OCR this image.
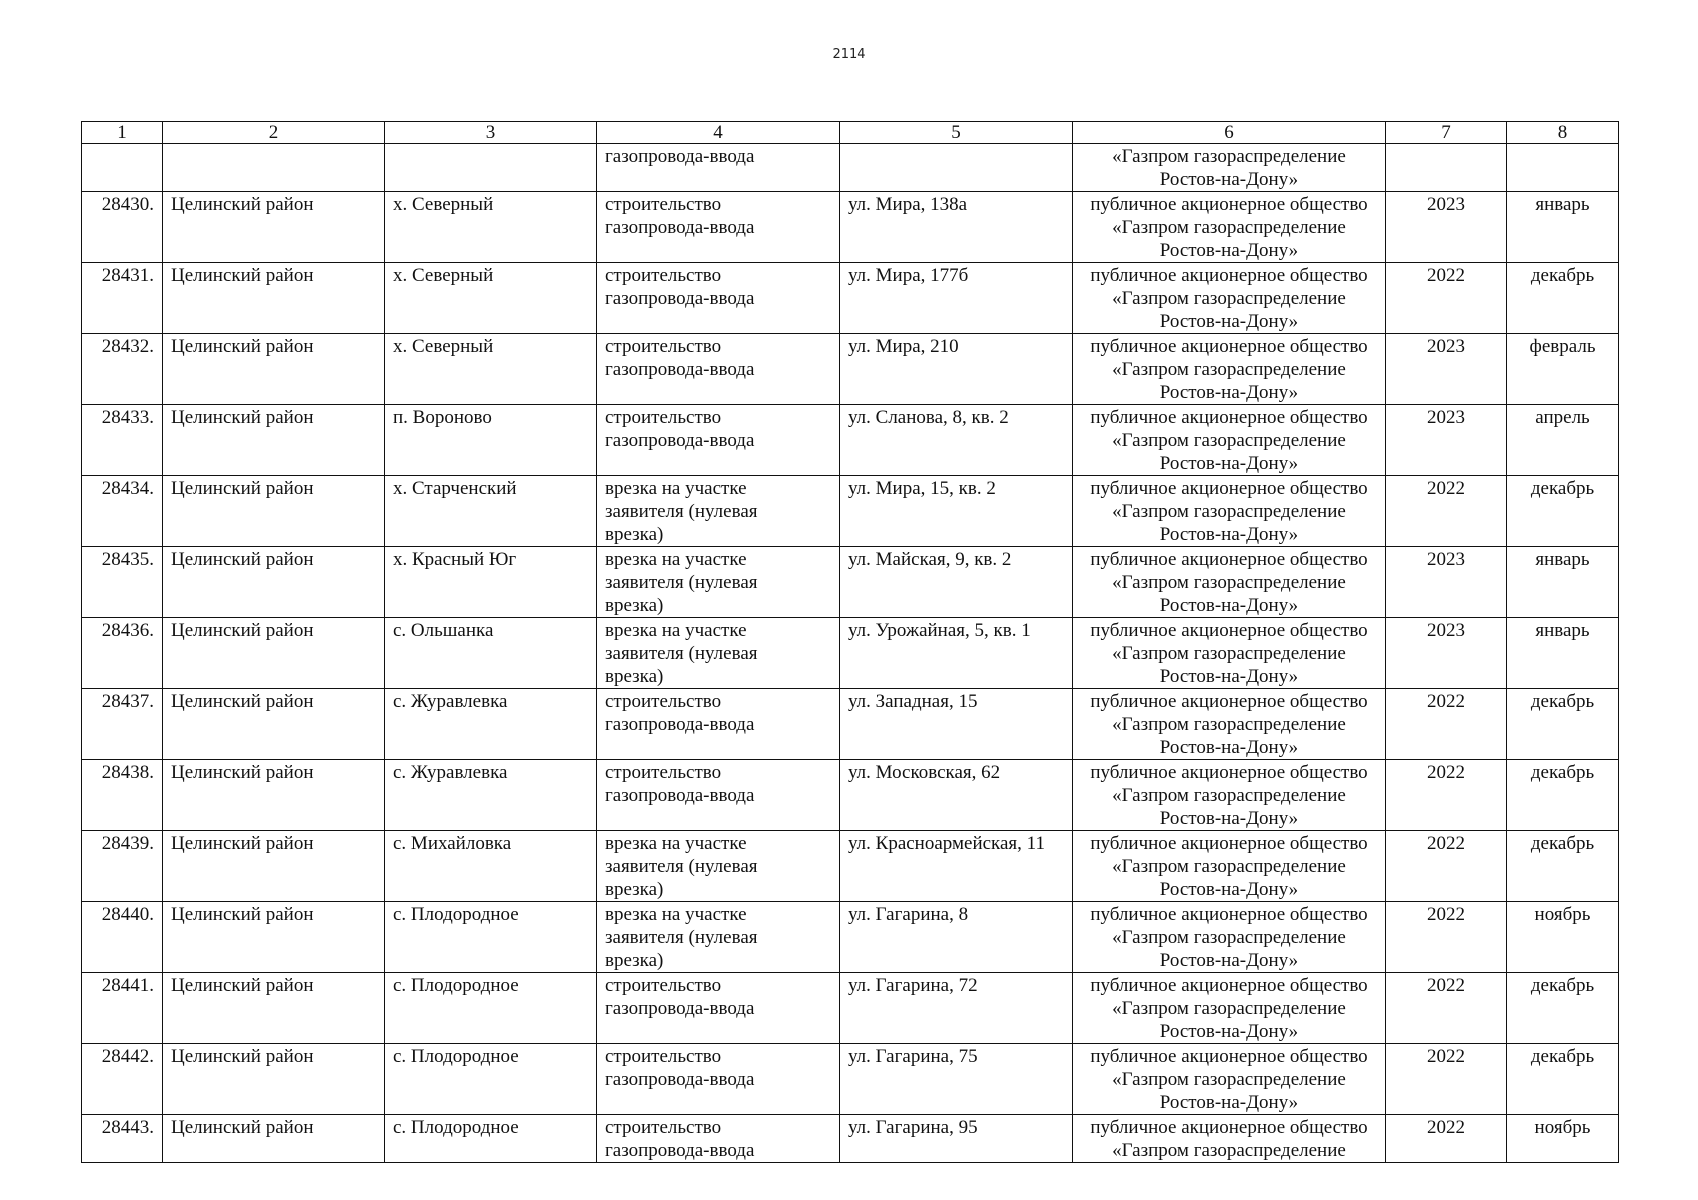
2114
1	2	3	4	5	6	7	8

			газопровода-ввода		«Газпром газораспределение
Ростов-на-Дону»		

28430.	Целинский район	х. Северный	строительство
газопровода-ввода	ул. Мира, 138а	публичное акционерное общество
«Газпром газораспределение
Ростов-на-Дону»	2023	январь
28431.	Целинский район	х. Северный	строительство
газопровода-ввода	ул. Мира, 177б	публичное акционерное общество
«Газпром газораспределение
Ростов-на-Дону»	2022	декабрь
28432.	Целинский район	х. Северный	строительство
газопровода-ввода	ул. Мира, 210	публичное акционерное общество
«Газпром газораспределение
Ростов-на-Дону»	2023	февраль
28433.	Целинский район	п. Вороново	строительство
газопровода-ввода	ул. Сланова, 8, кв. 2	публичное акционерное общество
«Газпром газораспределение
Ростов-на-Дону»	2023	апрель
28434.	Целинский район	х. Старченский	врезка на участке
заявителя (нулевая
врезка)	ул. Мира, 15, кв. 2	публичное акционерное общество
«Газпром газораспределение
Ростов-на-Дону»	2022	декабрь
28435.	Целинский район	х. Красный Юг	врезка на участке
заявителя (нулевая
врезка)	ул. Майская, 9, кв. 2	публичное акционерное общество
«Газпром газораспределение
Ростов-на-Дону»	2023	январь
28436.	Целинский район	с. Ольшанка	врезка на участке
заявителя (нулевая
врезка)	ул. Урожайная, 5, кв. 1	публичное акционерное общество
«Газпром газораспределение
Ростов-на-Дону»	2023	январь
28437.	Целинский район	с. Журавлевка	строительство
газопровода-ввода	ул. Западная, 15	публичное акционерное общество
«Газпром газораспределение
Ростов-на-Дону»	2022	декабрь
28438.	Целинский район	с. Журавлевка	строительство
газопровода-ввода	ул. Московская, 62	публичное акционерное общество
«Газпром газораспределение
Ростов-на-Дону»	2022	декабрь
28439.	Целинский район	с. Михайловка	врезка на участке
заявителя (нулевая
врезка)	ул. Красноармейская, 11	публичное акционерное общество
«Газпром газораспределение
Ростов-на-Дону»	2022	декабрь
28440.	Целинский район	с. Плодородное	врезка на участке
заявителя (нулевая
врезка)	ул. Гагарина, 8	публичное акционерное общество
«Газпром газораспределение
Ростов-на-Дону»	2022	ноябрь
28441.	Целинский район	с. Плодородное	строительство
газопровода-ввода	ул. Гагарина, 72	публичное акционерное общество
«Газпром газораспределение
Ростов-на-Дону»	2022	декабрь
28442.	Целинский район	с. Плодородное	строительство
газопровода-ввода	ул. Гагарина, 75	публичное акционерное общество
«Газпром газораспределение
Ростов-на-Дону»	2022	декабрь
28443.	Целинский район	с. Плодородное	строительство
газопровода-ввода	ул. Гагарина, 95	публичное акционерное общество
«Газпром газораспределение	2022	ноябрь
